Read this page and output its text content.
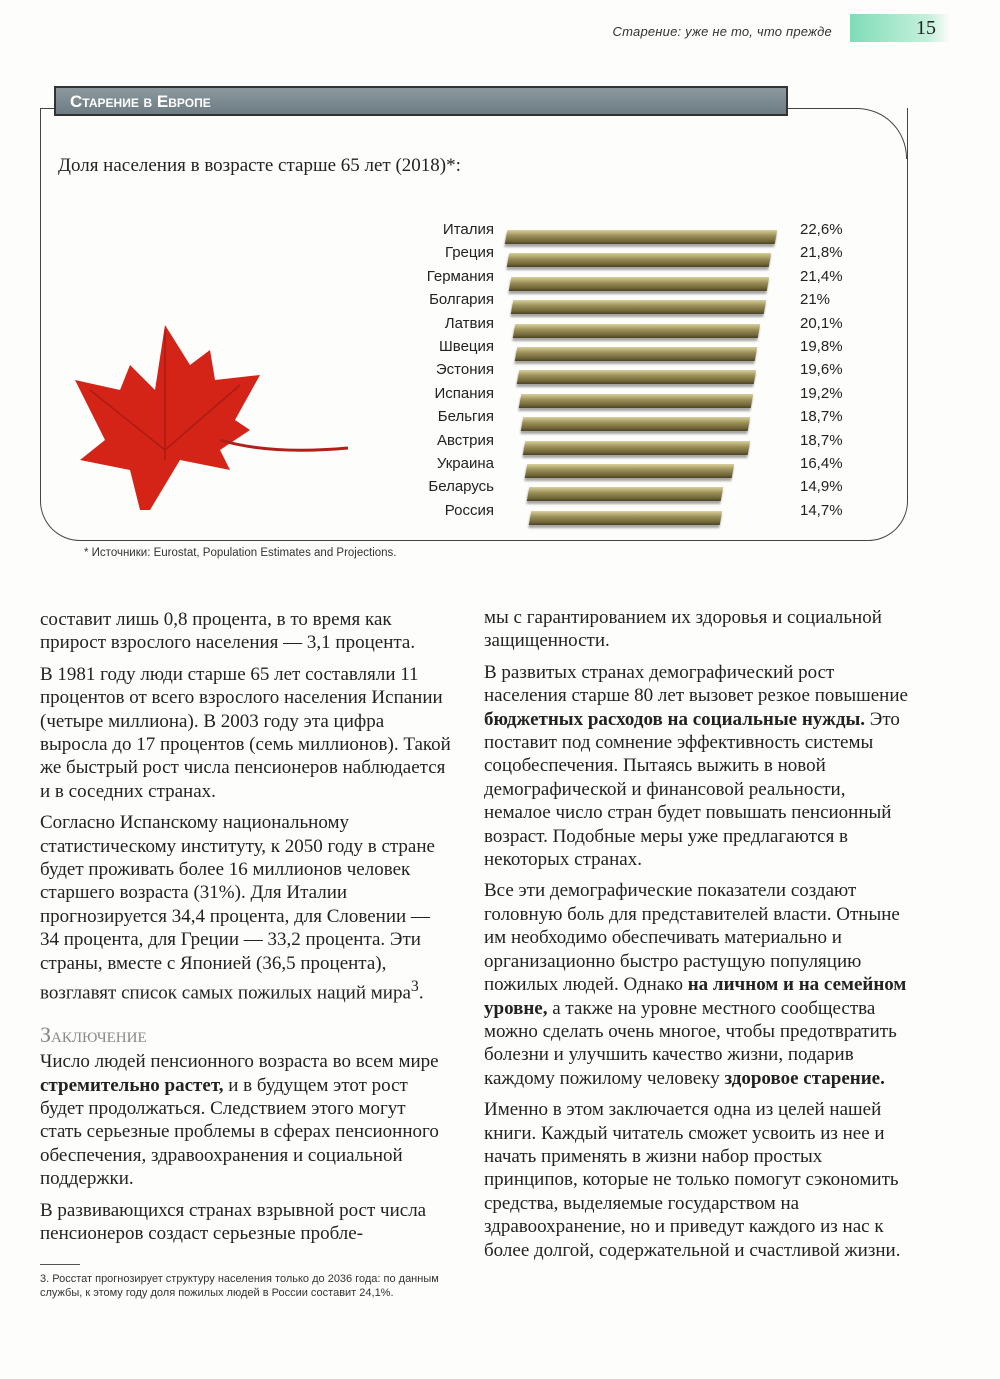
Старение: уже не то, что прежде	15
Старение в Европе
Доля населения в возрасте старше 65 лет (2018)*:
Италия	22,6%
Греция	21,8%
Германия	21,4%
Болгария	21%
Латвия	20,1%
Швеция	19,8%
Эстония	19,6%
Испания	19,2%
Бельгия	18,7%
Австрия	18,7%
Украина	16,4%
Беларусь	14,9%
Россия	14,7%
* Источники: Eurostat, Population Estimates and Projections.

составит лишь 0,8 процента, в то время как прирост взрослого населения — 3,1 процента.

В 1981 году люди старше 65 лет составляли 11 процентов от всего взрослого населения Испании (четыре миллиона). В 2003 году эта цифра выросла до 17 процентов (семь миллионов). Такой же быстрый рост числа пенсионеров наблюдается и в соседних странах.

Согласно Испанскому национальному статистическому институту, к 2050 году в стране будет проживать более 16 миллионов человек старшего возраста (31%). Для Италии прогнозируется 34,4 процента, для Словении — 34 процента, для Греции — 33,2 процента. Эти страны, вместе с Японией (36,5 процента), возглавят список самых пожилых наций мира$^3$.

Заключение

Число людей пенсионного возраста во всем мире стремительно растет, и в будущем этот рост будет продолжаться. Следствием этого могут стать серьезные проблемы в сферах пенсионного обеспечения, здравоохранения и социальной поддержки.

В развивающихся странах взрывной рост числа пенсионеров создаст серьезные пробле-

мы с гарантированием их здоровья и социальной защищенности.

В развитых странах демографический рост населения старше 80 лет вызовет резкое повышение бюджетных расходов на социальные нужды. Это поставит под сомнение эффективность системы соцобеспечения. Пытаясь выжить в новой демографической и финансовой реальности, немалое число стран будет повышать пенсионный возраст. Подобные меры уже предлагаются в некоторых странах.

Все эти демографические показатели создают головную боль для представителей власти. Отныне им необходимо обеспечивать материально и организационно быстро растущую популяцию пожилых людей. Однако на личном и на семейном уровне, а также на уровне местного сообщества можно сделать очень многое, чтобы предотвратить болезни и улучшить качество жизни, подарив каждому пожилому человеку здоровое старение.

Именно в этом заключается одна из целей нашей книги. Каждый читатель сможет усвоить из нее и начать применять в жизни набор простых принципов, которые не только помогут сэкономить средства, выделяемые государством на здравоохранение, но и приведут каждого из нас к более долгой, содержательной и счастливой жизни.

3. Росстат прогнозирует структуру населения только до 2036 года: по данным службы, к этому году доля пожилых людей в России составит 24,1%.
